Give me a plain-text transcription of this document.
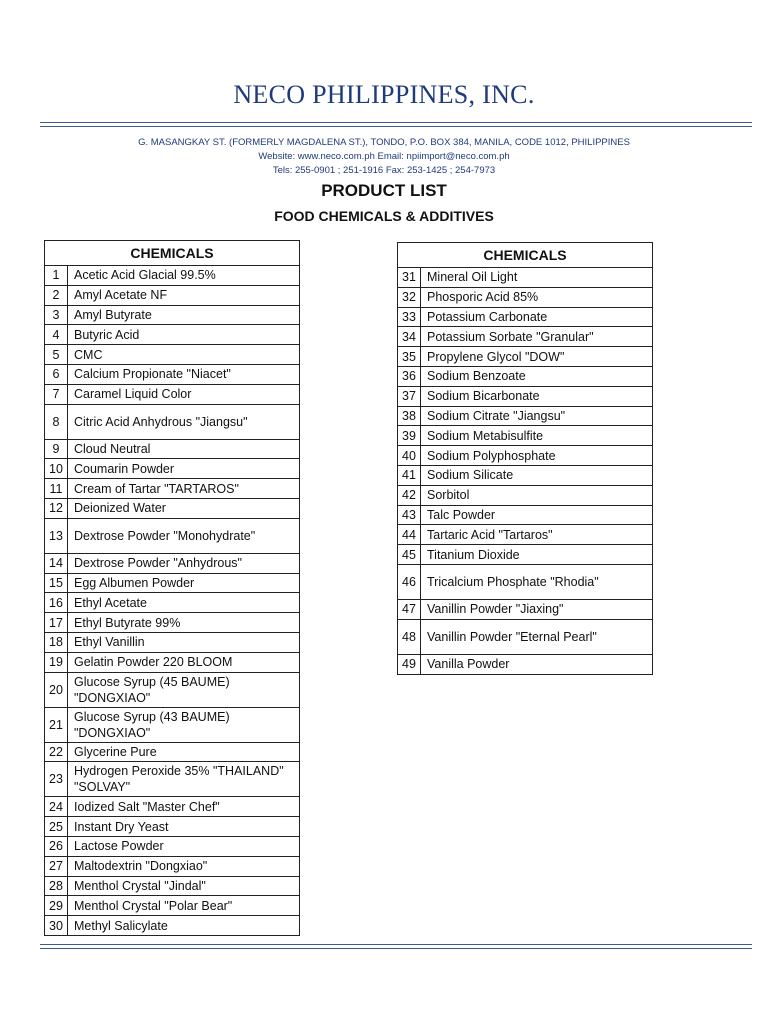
NECO PHILIPPINES, INC.
G. MASANGKAY ST. (FORMERLY MAGDALENA ST.), TONDO, P.O. BOX 384, MANILA, CODE 1012, PHILIPPINES
Website: www.neco.com.ph Email: npiimport@neco.com.ph
Tels: 255-0901 ; 251-1916 Fax: 253-1425 ; 254-7973
PRODUCT LIST
FOOD CHEMICALS & ADDITIVES
CHEMICALS	
1	Acetic Acid Glacial 99.5%
2	Amyl Acetate NF
3	Amyl Butyrate
4	Butyric Acid
5	CMC
6	Calcium Propionate "Niacet"
7	Caramel Liquid Color
8	Citric Acid Anhydrous "Jiangsu"
9	Cloud Neutral
10	Coumarin Powder
11	Cream of Tartar "TARTAROS"
12	Deionized Water
13	Dextrose Powder "Monohydrate"
14	Dextrose Powder "Anhydrous"
15	Egg Albumen Powder
16	Ethyl Acetate
17	Ethyl Butyrate 99%
18	Ethyl Vanillin
19	Gelatin Powder 220 BLOOM
20	Glucose Syrup (45 BAUME) "DONGXIAO"
21	Glucose Syrup (43 BAUME) "DONGXIAO"
22	Glycerine Pure
23	Hydrogen Peroxide 35% "THAILAND" "SOLVAY"
24	Iodized Salt "Master Chef"
25	Instant Dry Yeast
26	Lactose Powder
27	Maltodextrin "Dongxiao"
28	Menthol Crystal "Jindal"
29	Menthol Crystal "Polar Bear"
30	Methyl Salicylate
CHEMICALS	
31	Mineral Oil Light
32	Phosporic Acid 85%
33	Potassium Carbonate
34	Potassium Sorbate "Granular"
35	Propylene Glycol "DOW"
36	Sodium Benzoate
37	Sodium Bicarbonate
38	Sodium Citrate "Jiangsu"
39	Sodium Metabisulfite
40	Sodium Polyphosphate
41	Sodium Silicate
42	Sorbitol
43	Talc Powder
44	Tartaric Acid "Tartaros"
45	Titanium Dioxide
46	Tricalcium Phosphate "Rhodia"
47	Vanillin Powder "Jiaxing"
48	Vanillin Powder "Eternal Pearl"
49	Vanilla Powder
